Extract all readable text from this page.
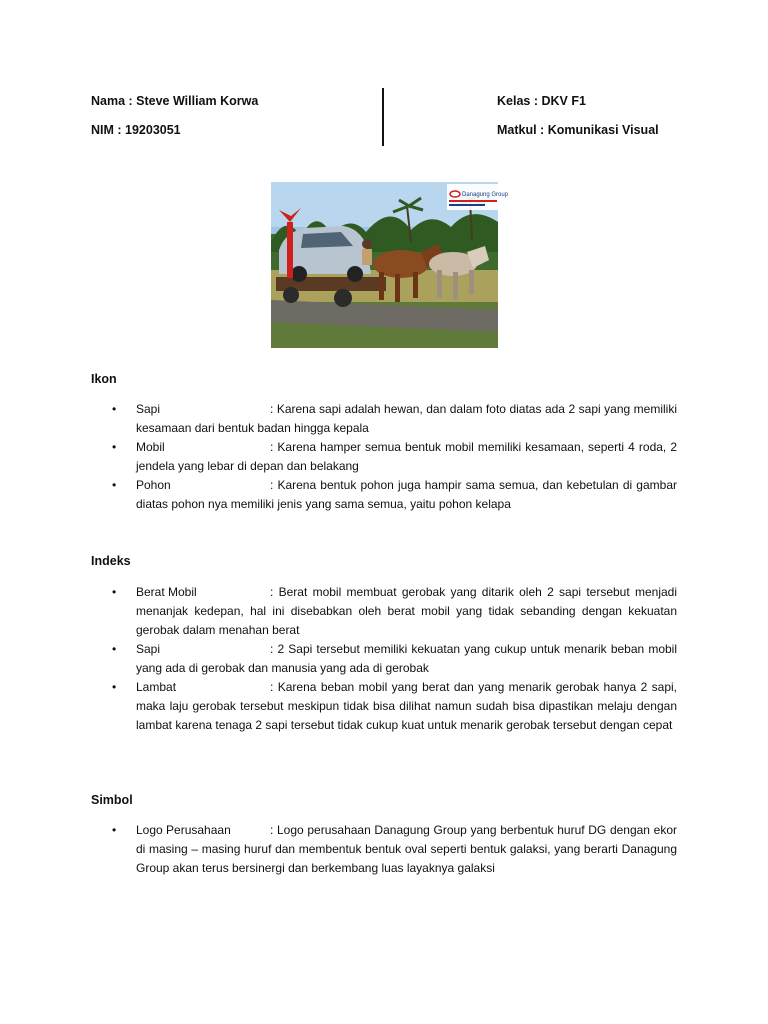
Nama : Steve William Korwa
NIM : 19203051
Kelas : DKV F1
Matkul : Komunikasi Visual
Danagung Group
Ikon
• Sapi	: Karena sapi adalah hewan, dan dalam foto diatas ada 2 sapi yang memiliki kesamaan dari bentuk badan hingga kepala

• Mobil	: Karena hamper semua bentuk mobil memiliki kesamaan, seperti 4 roda, 2 jendela yang lebar di depan dan belakang

• Pohon	: Karena bentuk pohon juga hampir sama semua, dan kebetulan di gambar diatas pohon nya memiliki jenis yang sama semua, yaitu pohon kelapa

Indeks
• Berat Mobil	: Berat mobil membuat gerobak yang ditarik oleh 2 sapi tersebut menjadi menanjak kedepan, hal ini disebabkan oleh berat mobil yang tidak sebanding dengan kekuatan gerobak dalam menahan berat

• Sapi	: 2 Sapi tersebut memiliki kekuatan yang cukup untuk menarik beban mobil yang ada di gerobak dan manusia yang ada di gerobak

• Lambat	: Karena beban mobil yang berat dan yang menarik gerobak hanya 2 sapi, maka laju gerobak tersebut meskipun tidak bisa dilihat namun sudah bisa dipastikan melaju dengan lambat karena tenaga 2 sapi tersebut tidak cukup kuat untuk menarik gerobak tersebut dengan cepat

Simbol
• Logo Perusahaan	: Logo perusahaan Danagung Group yang berbentuk huruf DG dengan ekor di masing – masing huruf dan membentuk bentuk oval seperti bentuk galaksi, yang berarti Danagung Group akan terus bersinergi dan berkembang luas layaknya galaksi
